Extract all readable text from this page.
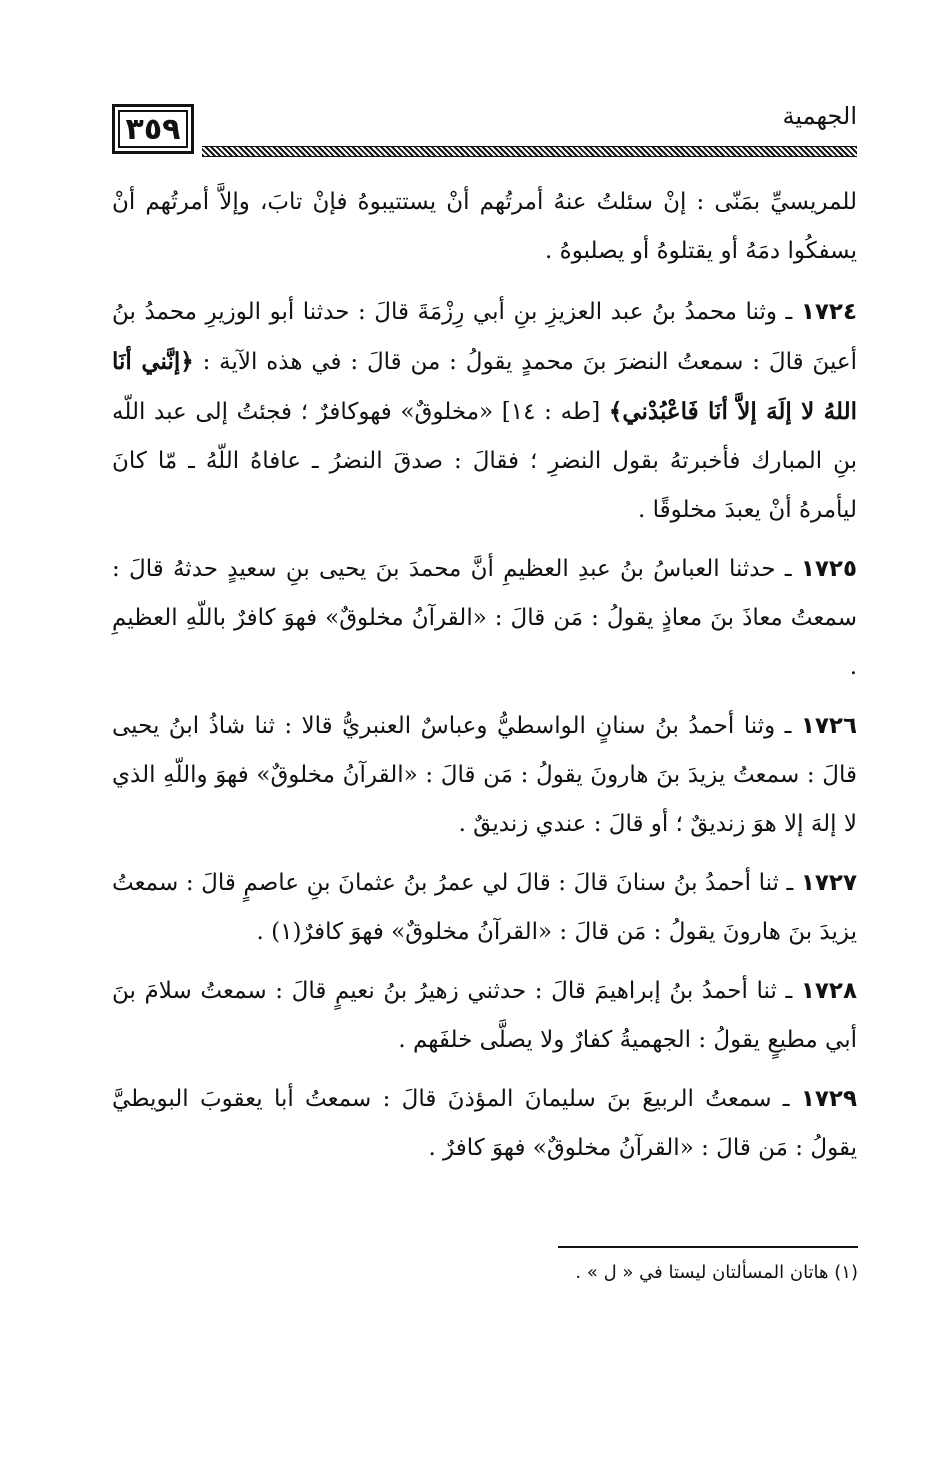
٣٥٩	الجهمية

للمريسيِّ بمَنّى : إنْ سئلتُ عنهُ أمرتُهم أنْ يستتيبوهُ فإنْ تابَ، وإلاَّ أمرتُهم أنْ يسفكُوا دمَهُ أو يقتلوهُ أو يصلبوهُ .

١٧٢٤ ـ وثنا محمدُ بنُ عبد العزيزِ بنِ أبي رِزْمَةَ قالَ : حدثنا أبو الوزيرِ محمدُ بنُ أعينَ قالَ : سمعتُ النضرَ بنَ محمدٍ يقولُ : من قالَ : في هذه الآية : ﴿إنَّني أنَا اللهُ لا إلَهَ إلاَّ أنَا فَاعْبُدْني﴾ [طه : ١٤] «مخلوقٌ» فهوكافرٌ ؛ فجئتُ إلى عبد اللّه بنِ المبارك فأخبرتهُ بقول النضرِ ؛ فقالَ : صدقَ النضرُ ـ عافاهُ اللّهُ ـ مّا كانَ ليأمرهُ أنْ يعبدَ مخلوقًا .

١٧٢٥ ـ حدثنا العباسُ بنُ عبدِ العظيمِ أنَّ محمدَ بنَ يحيى بنِ سعيدٍ حدثهُ قالَ : سمعتُ معاذَ بنَ معاذٍ يقولُ : مَن قالَ : «القرآنُ مخلوقٌ» فهوَ كافرٌ باللّهِ العظيمِ .

١٧٢٦ ـ وثنا أحمدُ بنُ سنانٍ الواسطيُّ وعباسٌ العنبريُّ قالا : ثنا شاذُ ابنُ يحيى قالَ : سمعتُ يزيدَ بنَ هارونَ يقولُ : مَن قالَ : «القرآنُ مخلوقٌ» فهوَ واللّهِ الذي لا إلهَ إلا هوَ زنديقٌ ؛ أو قالَ : عندي زنديقٌ .

١٧٢٧ ـ ثنا أحمدُ بنُ سنانَ قالَ : قالَ لي عمرُ بنُ عثمانَ بنِ عاصمٍ قالَ : سمعتُ يزيدَ بنَ هارونَ يقولُ : مَن قالَ : «القرآنُ مخلوقٌ» فهوَ كافرٌ(١) .

١٧٢٨ ـ ثنا أحمدُ بنُ إبراهيمَ قالَ : حدثني زهيرُ بنُ نعيمٍ قالَ : سمعتُ سلامَ بنَ أبي مطيعٍ يقولُ : الجهميةُ كفارٌ ولا يصلَّى خلفَهم .

١٧٢٩ ـ سمعتُ الربيعَ بنَ سليمانَ المؤذنَ قالَ : سمعتُ أبا يعقوبَ البويطيَّ يقولُ : مَن قالَ : «القرآنُ مخلوقٌ» فهوَ كافرٌ .

(١) هاتان المسألتان ليستا في « ل » .
